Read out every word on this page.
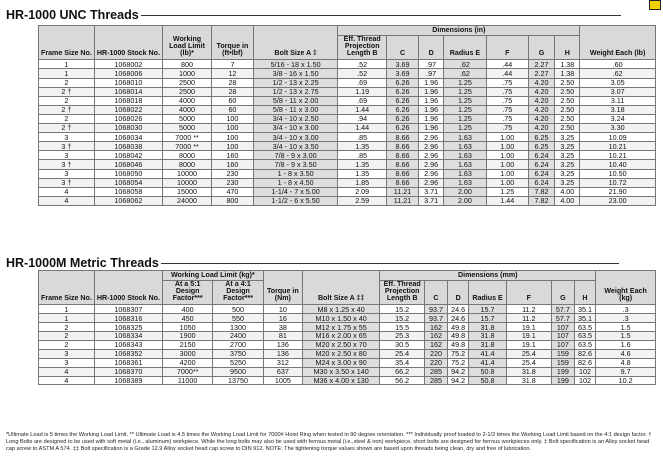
HR-1000 UNC Threads
Frame Size No.	HR-1000 Stock No.	Working Load Limit (lb)*	Torque in (ft•lbf)	Bolt Size A ‡	Dimensions (in)							Weight Each (lb)
					Eff. Thread Projection Length B	C	D	Radius E	F	G	H	
1	1068002	800	7	5/16 - 18 x 1.50	.52	3.69	.97	.62	.44	2.27	1.38	.60
1	1068006	1000	12	3/8 - 16 x 1.50	.52	3.69	.97	.62	.44	2.27	1.38	.62
2	1068010	2500	28	1/2 - 13 x 2.25	.69	6.26	1.96	1.25	.75	4.20	2.50	3.05
2 †	1068014	2500	28	1/2 - 13 x 2.75	1.19	6.26	1.96	1.25	.75	4.20	2.50	3.07
2	1068018	4000	60	5/8 - 11 x 2.00	.69	6.26	1.96	1.25	.75	4.20	2.50	3.11
2 †	1068022	4000	60	5/8 - 11 x 3.00	1.44	6.26	1.96	1.25	.75	4.20	2.50	3.18
2	1068026	5000	100	3/4 - 10 x 2.50	.94	6.26	1.96	1.25	.75	4.20	2.50	3.24
2 †	1068030	5000	100	3/4 - 10 x 3.00	1.44	6.26	1.96	1.25	.75	4.20	2.50	3.30
3	1068034	7000 **	100	3/4 - 10 x 3.00	.85	8.66	2.96	1.63	1.00	6.25	3.25	10.09
3 †	1068038	7000 **	100	3/4 - 10 x 3.50	1.35	8.66	2.96	1.63	1.00	6.25	3.25	10.21
3	1068042	8000	160	7/8 - 9 x 3.00	.85	8.66	2.96	1.63	1.00	6.24	3.25	10.21
3 †	1068046	8000	160	7/8 - 9 x 3.50	1.35	8.66	2.96	1.63	1.00	6.24	3.25	10.40
3	1068050	10000	230	1 - 8 x 3.50	1.35	8.66	2.96	1.63	1.00	6.24	3.25	10.50
3 †	1068054	10000	230	1 - 8 x 4.50	1.85	8.66	2.96	1.63	1.00	6.24	3.25	10.72
4	1068058	15000	470	1-1/4 - 7 x 5.00	2.09	11.21	3.71	2.00	1.25	7.82	4.00	21.90
4	1068062	24000	800	1-1/2 - 6 x 5.50	2.59	11.21	3.71	2.00	1.44	7.82	4.00	23.00
HR-1000M Metric Threads
Frame Size No.	HR-1000 Stock No.	Working Load Limit (kg)*		Torque in (Nm)	Bolt Size A ‡‡	Dimensions (mm)							Weight Each (kg)
		At a 5:1 Design Factor***	At a 4:1 Design Factor***			Eff. Thread Projection Length B	C	D	Radius E	F	G	H	
1	1068307	400	500	10	M8 x 1.25 x 40	15.2	93.7	24.6	15.7	11.2	57.7	35.1	.3
1	1068316	450	550	16	M10 x 1.50 x 40	15.2	93.7	24.6	15.7	11.2	57.7	35.1	.3
2	1068325	1050	1300	38	M12 x 1.75 x 55	15.5	162	49.8	31.8	19.1	107	63.5	1.5
2	1068334	1900	2400	81	M16 x 2.00 x 65	25.3	162	49.8	31.8	19.1	107	63.5	1.5
2	1068343	2150	2700	136	M20 x 2.50 x 70	30.5	162	49.8	31.8	19.1	107	63.5	1.6
3	1068352	3000	3750	136	M20 x 2.50 x 80	25.4	220	75.2	41.4	25.4	159	82.6	4.6
3	1068361	4200	5250	312	M24 x 3.00 x 90	35.4	220	75.2	41.4	25.4	159	82.6	4.8
4	1068370	7000**	9500	637	M30 x 3.50 x 140	66.2	285	94.2	50.8	31.8	199	102	9.7
4	1068389	11000	13750	1005	M36 x 4.00 x 130	56.2	285	94.2	50.8	31.8	199	102	10.2
*Ultimate Load is 5 times the Working Load Limit. ** Ultimate Load is 4.5 times the Working Load Limit for 7000# Hoist Ring when tested in 90 degree orientation. *** Individually proof loaded to 2-1/2 times the Working Load Limit based on the 4:1 design factor. † Long Bolts are designed to be used with soft metal (i.e., aluminum) workpiece. While the long bolts may also be used with ferrous metal (i.e.,steel & iron) workpiece, short bolts are designed for ferrous workpieces only. ‡ Bolt specification is an Alloy socket head cap screw to ASTM A 574. ‡‡ Bolt specification is a Grade 12.9 Alloy socket head cap screw to DIN 912. NOTE: The tightening torque values shown are based upon threads being clean, dry and free of lubrication.
